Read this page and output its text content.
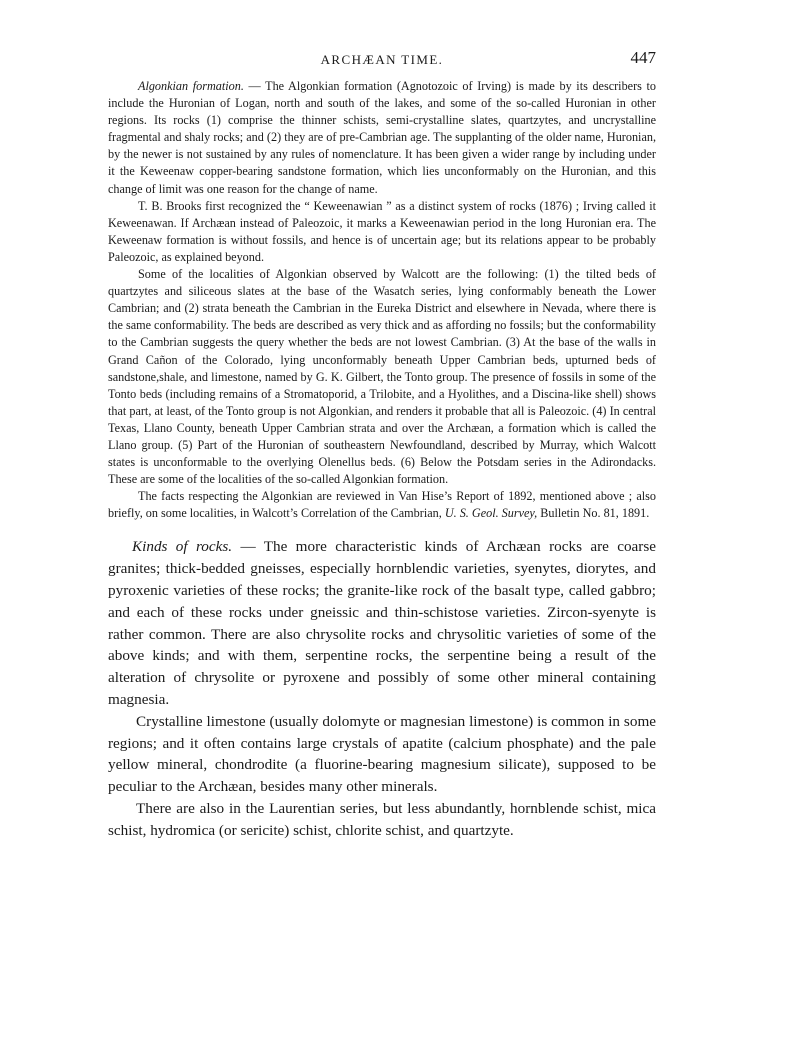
ARCHÆAN TIME.	447

Algonkian formation. — The Algonkian formation (Agnotozoic of Irving) is made by its describers to include the Huronian of Logan, north and south of the lakes, and some of the so-called Huronian in other regions. Its rocks (1) comprise the thinner schists, semi-crystalline slates, quartzytes, and uncrystalline fragmental and shaly rocks; and (2) they are of pre-Cambrian age. The supplanting of the older name, Huronian, by the newer is not sustained by any rules of nomenclature. It has been given a wider range by including under it the Keweenaw copper-bearing sandstone formation, which lies unconformably on the Huronian, and this change of limit was one reason for the change of name.

T. B. Brooks first recognized the “ Keweenawian ” as a distinct system of rocks (1876) ; Irving called it Keweenawan. If Archæan instead of Paleozoic, it marks a Keweenawian period in the long Huronian era. The Keweenaw formation is without fossils, and hence is of uncertain age; but its relations appear to be probably Paleozoic, as explained beyond.

Some of the localities of Algonkian observed by Walcott are the following: (1) the tilted beds of quartzytes and siliceous slates at the base of the Wasatch series, lying conformably beneath the Lower Cambrian; and (2) strata beneath the Cambrian in the Eureka District and elsewhere in Nevada, where there is the same conformability. The beds are described as very thick and as affording no fossils; but the conformability to the Cambrian suggests the query whether the beds are not lowest Cambrian. (3) At the base of the walls in Grand Cañon of the Colorado, lying unconformably beneath Upper Cambrian beds, upturned beds of sandstone,shale, and limestone, named by G. K. Gilbert, the Tonto group. The presence of fossils in some of the Tonto beds (including remains of a Stromatoporid, a Trilobite, and a Hyolithes, and a Discina-like shell) shows that part, at least, of the Tonto group is not Algonkian, and renders it probable that all is Paleozoic. (4) In central Texas, Llano County, beneath Upper Cambrian strata and over the Archæan, a formation which is called the Llano group. (5) Part of the Huronian of southeastern Newfoundland, described by Murray, which Walcott states is unconformable to the overlying Olenellus beds. (6) Below the Potsdam series in the Adirondacks. These are some of the localities of the so-called Algonkian formation.

The facts respecting the Algonkian are reviewed in Van Hise’s Report of 1892, mentioned above ; also briefly, on some localities, in Walcott’s Correlation of the Cambrian, U. S. Geol. Survey, Bulletin No. 81, 1891.

Kinds of rocks. — The more characteristic kinds of Archæan rocks are coarse granites; thick-bedded gneisses, especially hornblendic varieties, syenytes, diorytes, and pyroxenic varieties of these rocks; the granite-like rock of the basalt type, called gabbro; and each of these rocks under gneissic and thin-schistose varieties. Zircon-syenyte is rather common. There are also chrysolite rocks and chrysolitic varieties of some of the above kinds; and with them, serpentine rocks, the serpentine being a result of the alteration of chrysolite or pyroxene and possibly of some other mineral containing magnesia.

Crystalline limestone (usually dolomyte or magnesian limestone) is common in some regions; and it often contains large crystals of apatite (calcium phosphate) and the pale yellow mineral, chondrodite (a fluorine-bearing magnesium silicate), supposed to be peculiar to the Archæan, besides many other minerals.

There are also in the Laurentian series, but less abundantly, hornblende schist, mica schist, hydromica (or sericite) schist, chlorite schist, and quartzyte.
